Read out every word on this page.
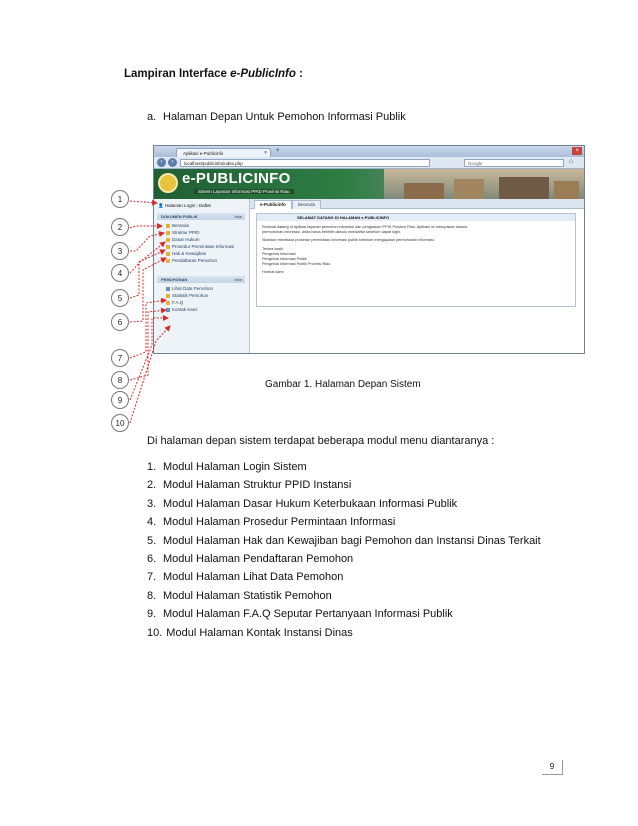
Lampiran Interface e-PublicInfo :
a. Halaman Depan Untuk Pemohon Informasi Publik
Aplikasi e-Publicinfo	× +	×
‹	›	localhost/publicinfo/index.php	Google	⌂
e-PUBLICINFO
Sistem Layanan Informasi PPID Provinsi Riau
👤 Halaman Login | Daftar
DOKUMEN PUBLIK	hide
Beranda
Struktur PPID
Dasar Hukum
Prosedur Permintaan Informasi
Hak & Kewajiban
Pendaftaran Pemohon
PEMOHONAN	hide
Lihat Data Pemohon
Statistik Pemohon
F.A.Q
Kontak Kami
e-Publicinfo	Beranda
SELAMAT DATANG DI HALAMAN e-PUBLICINFO
Selamat datang di aplikasi layanan pemohon informasi dan pengaduan PPID Provinsi Riau. Aplikasi ini merupakan sarana
permohonan informasi, anda harus terlebih dahulu mendaftar sebelum dapat login.
Silahkan membaca prosedur permintaan informasi publik sebelum mengajukan permohonan informasi.
Terima kasih
Pengelola Informasi
Pengelola Informasi Publik
Pengelola Informasi Publik Provinsi Riau
Hormat kami
1
2
3
4
5
6
7
8
9
10
Gambar 1. Halaman Depan Sistem
Di halaman depan sistem terdapat beberapa modul menu diantaranya :
1. Modul Halaman Login Sistem
2. Modul Halaman Struktur PPID Instansi
3. Modul Halaman Dasar Hukum Keterbukaan Informasi Publik
4. Modul Halaman Prosedur Permintaan Informasi
5. Modul Halaman Hak dan Kewajiban bagi Pemohon dan Instansi Dinas Terkait
6. Modul Halaman Pendaftaran Pemohon
7. Modul Halaman Lihat Data Pemohon
8. Modul Halaman Statistik Pemohon
9. Modul Halaman F.A.Q Seputar Pertanyaan Informasi Publik
10. Modul Halaman Kontak Instansi Dinas
9
